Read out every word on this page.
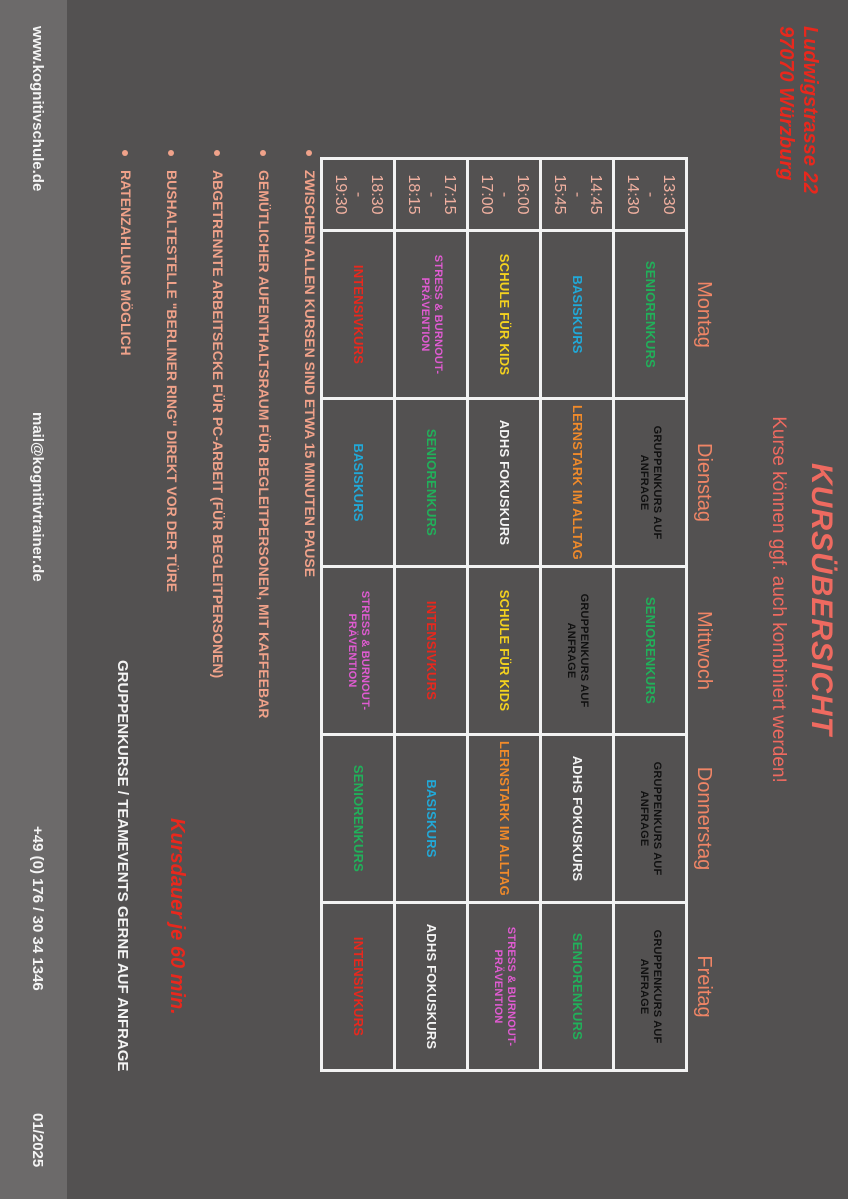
Ludwigstrasse 22
97070 Würzburg
KURSÜBERSICHT
Kurse können ggf. auch kombiniert werden!
	Montag	Dienstag	Mittwoch	Donnerstag	Freitag

13:30
-
14:30	SENIORENKURS	GRUPPENKURS AUF ANFRAGE	SENIORENKURS	GRUPPENKURS AUF ANFRAGE	GRUPPENKURS AUF ANFRAGE

14:45
-
15:45	BASISKURS	LERNSTARK IM ALLTAG	GRUPPENKURS AUF ANFRAGE	ADHS FOKUSKURS	SENIORENKURS

16:00
-
17:00	SCHULE FÜR KIDS	ADHS FOKUSKURS	SCHULE FÜR KIDS	LERNSTARK IM ALLTAG	STRESS & BURNOUT-PRÄVENTION

17:15
-
18:15	STRESS & BURNOUT-PRÄVENTION	SENIORENKURS	INTENSIVKURS	BASISKURS	ADHS FOKUSKURS

18:30
-
19:30	INTENSIVKURS	BASISKURS	STRESS & BURNOUT-PRÄVENTION	SENIORENKURS	INTENSIVKURS
ZWISCHEN ALLEN KURSEN SIND ETWA 15 MINUTEN PAUSE
GEMÜTLICHER AUFENTHALTSRAUM FÜR BEGLEITPERSONEN, MIT KAFFEEBAR
ABGETRENNTE ARBEITSECKE FÜR PC-ARBEIT (FÜR BEGLEITPERSONEN)
BUSHALTESTELLE "BERLINER RING" DIREKT VOR DER TÜRE
RATENZAHLUNG MÖGLICH
Kursdauer je 60 min.
GRUPPENKURSE / TEAMEVENTS GERNE AUF ANFRAGE
www.kognitivschule.de
mail@kognitivtrainer.de
+49 (0) 176 / 30 34 1346
01/2025
